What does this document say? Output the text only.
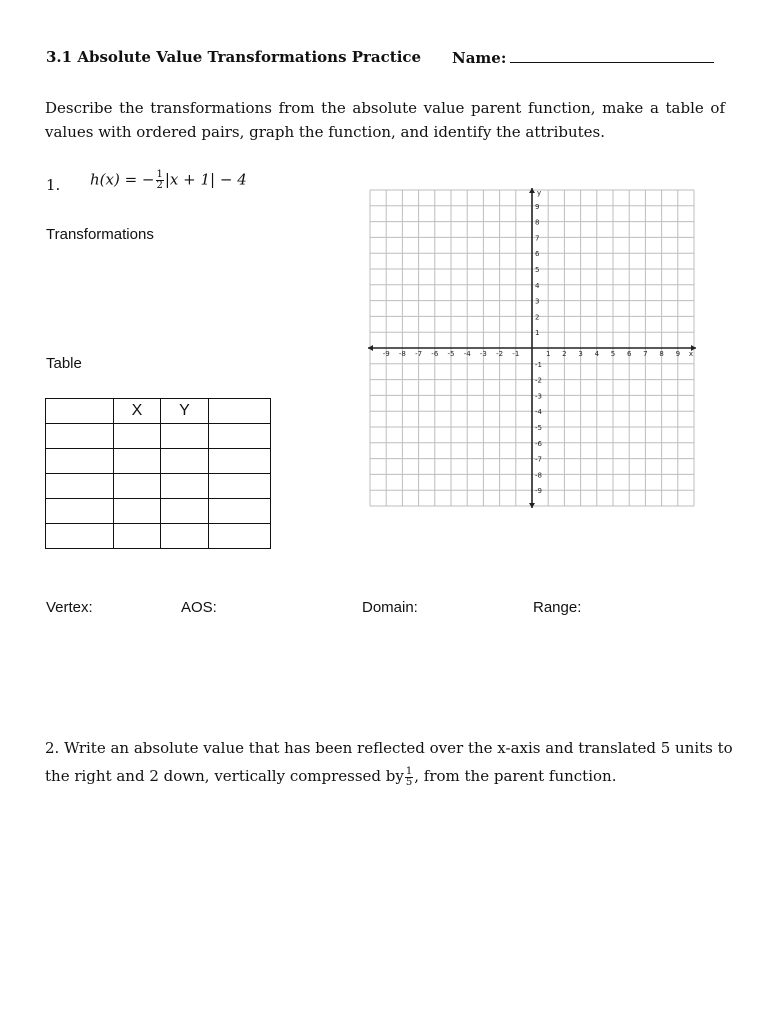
3.1 Absolute Value Transformations Practice Name:
Describe the transformations from the absolute value parent function, make a table of values with ordered pairs, graph the function, and identify the attributes.
1. h(x) = − $\frac{1}{2} |x + 1| - 4$
Transformations
Table
	X	Y	

Vertex:	AOS:	Domain:	Range:
-9 -8 -7 -6 -5 -4 -3 -2 -1	1 2 3 4 5 6 7 8 9 x
9
8
7
6
5
4
3
2
1
-1
-2
-3
-4
-5
-6
-7
-8
-9
y
2. Write an absolute value that has been reflected over the x-axis and translated 5 units to the right and 2 down, vertically compressed by $\frac{1}{5}$ , from the parent function.
